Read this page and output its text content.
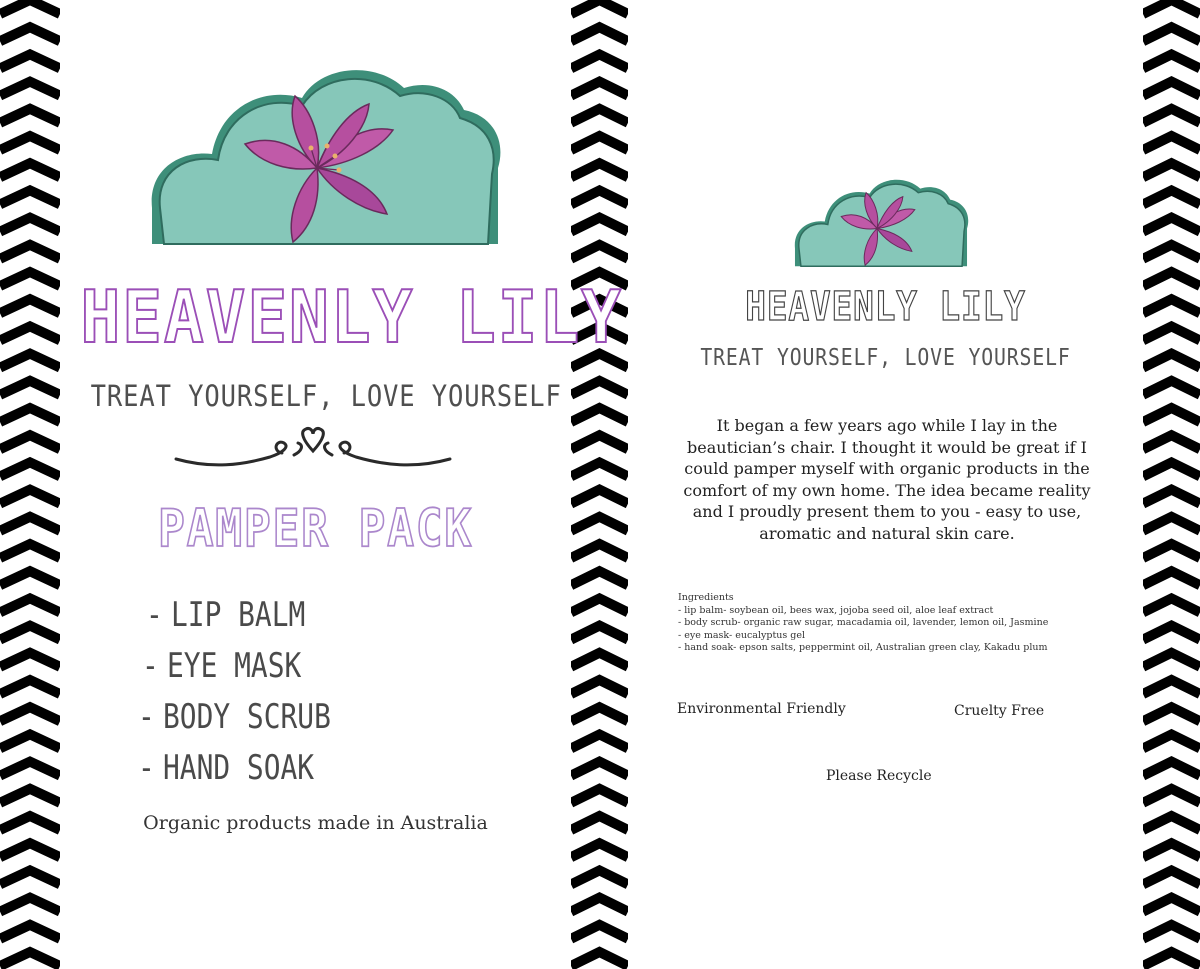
HEAVENLY LILY
TREAT YOURSELF, LOVE YOURSELF
PAMPER PACK
- LIP BALM
- EYE MASK
- BODY SCRUB
- HAND SOAK
Organic products made in Australia
HEAVENLY LILY
TREAT YOURSELF, LOVE YOURSELF
It began a few years ago while I lay in the beautician’s chair. I thought it would be great if I could pamper myself with organic products in the comfort of my own home. The idea became reality and I proudly present them to you - easy to use, aromatic and natural skin care.
Ingredients
- lip balm- soybean oil, bees wax, jojoba seed oil, aloe leaf extract
- body scrub- organic raw sugar, macadamia oil, lavender, lemon oil, Jasmine
- eye mask- eucalyptus gel
- hand soak- epson salts, peppermint oil, Australian green clay, Kakadu plum
Environmental Friendly	Cruelty Free
Please Recycle
